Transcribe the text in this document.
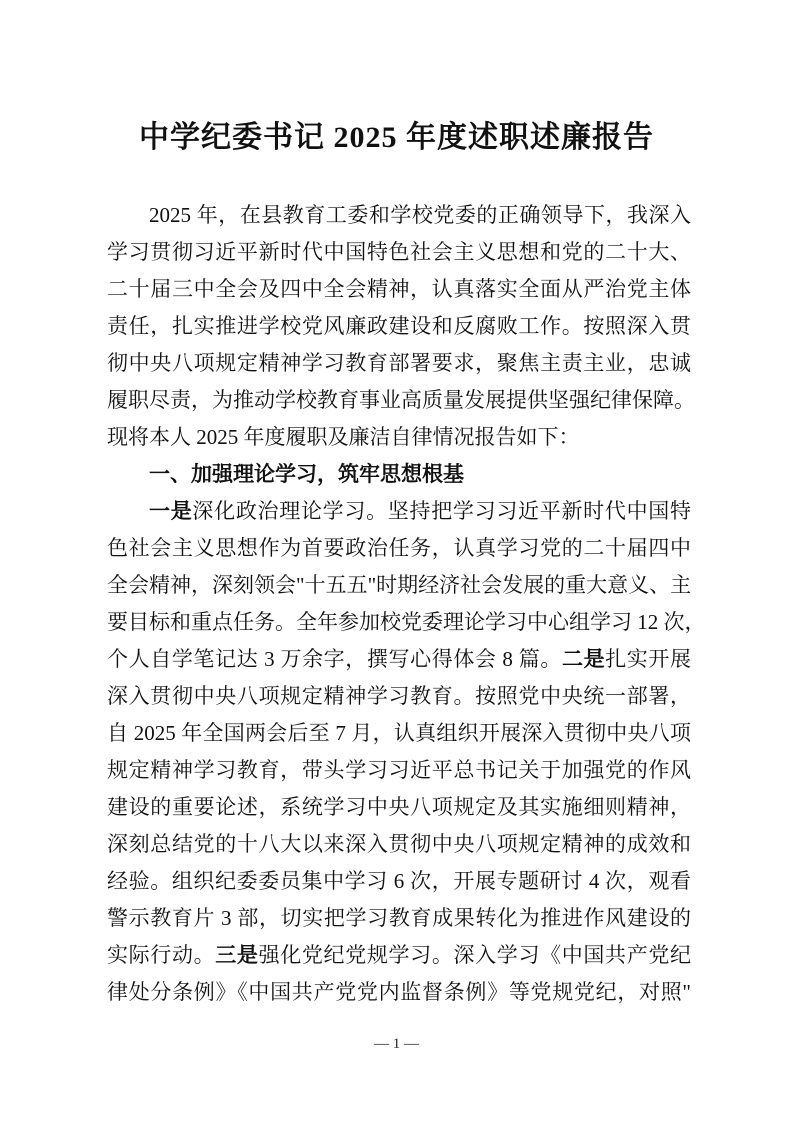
中学纪委书记 2025 年度述职述廉报告
2025 年，在县教育工委和学校党委的正确领导下，我深入
学习贯彻习近平新时代中国特色社会主义思想和党的二十大、
二十届三中全会及四中全会精神，认真落实全面从严治党主体
责任，扎实推进学校党风廉政建设和反腐败工作。按照深入贯
彻中央八项规定精神学习教育部署要求，聚焦主责主业，忠诚
履职尽责，为推动学校教育事业高质量发展提供坚强纪律保障。
现将本人 2025 年度履职及廉洁自律情况报告如下：
一、加强理论学习，筑牢思想根基
一是深化政治理论学习。坚持把学习习近平新时代中国特
色社会主义思想作为首要政治任务，认真学习党的二十届四中
全会精神，深刻领会"十五五"时期经济社会发展的重大意义、主
要目标和重点任务。全年参加校党委理论学习中心组学习 12 次，
个人自学笔记达 3 万余字，撰写心得体会 8 篇。二是扎实开展
深入贯彻中央八项规定精神学习教育。按照党中央统一部署，
自 2025 年全国两会后至 7 月，认真组织开展深入贯彻中央八项
规定精神学习教育，带头学习习近平总书记关于加强党的作风
建设的重要论述，系统学习中央八项规定及其实施细则精神，
深刻总结党的十八大以来深入贯彻中央八项规定精神的成效和
经验。组织纪委委员集中学习 6 次，开展专题研讨 4 次，观看
警示教育片 3 部，切实把学习教育成果转化为推进作风建设的
实际行动。三是强化党纪党规学习。深入学习《中国共产党纪
律处分条例》《中国共产党党内监督条例》等党规党纪，对照"
— 1 —
